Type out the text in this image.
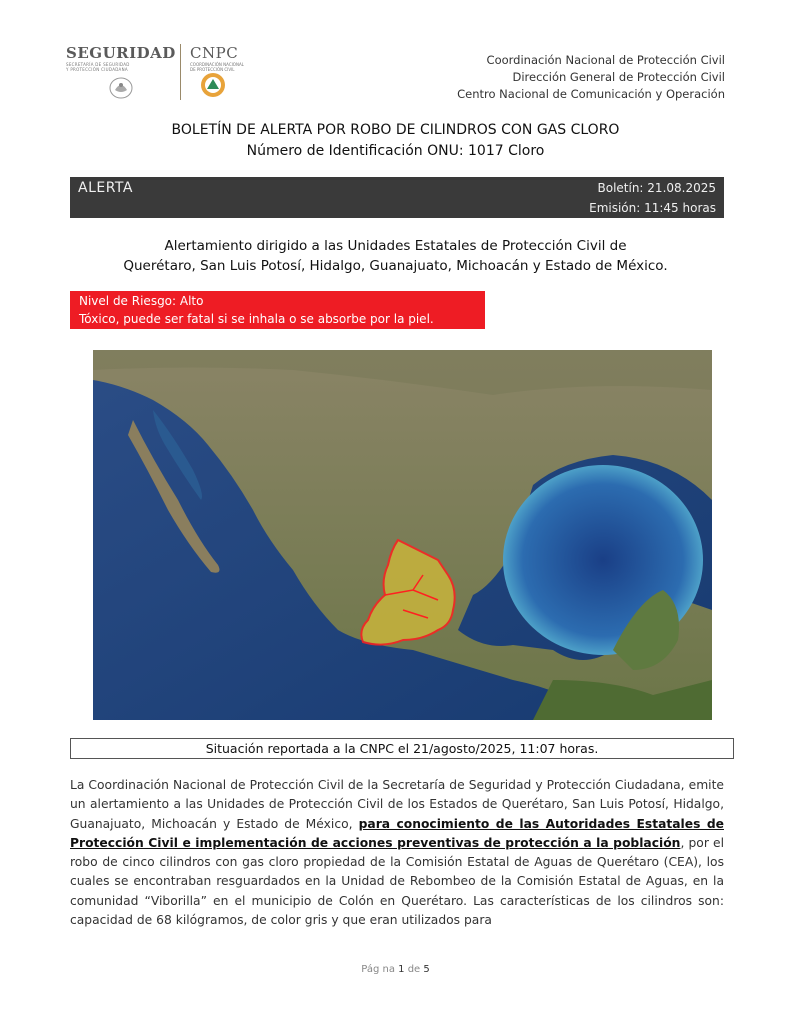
SEGURIDAD
SECRETARÍA DE SEGURIDAD
Y PROTECCIÓN CIUDADANA
CNPC
COORDINACIÓN NACIONAL
DE PROTECCIÓN CIVIL
Coordinación Nacional de Protección Civil
Dirección General de Protección Civil
Centro Nacional de Comunicación y Operación
BOLETÍN DE ALERTA POR ROBO DE CILINDROS CON GAS CLORO
Número de Identificación ONU: 1017 Cloro
ALERTA	Boletín: 21.08.2025
Emisión: 11:45 horas
Alertamiento dirigido a las Unidades Estatales de Protección Civil de
Querétaro, San Luis Potosí, Hidalgo, Guanajuato, Michoacán y Estado de México.
Nivel de Riesgo: Alto
Tóxico, puede ser fatal si se inhala o se absorbe por la piel.
Situación reportada a la CNPC el 21/agosto/2025, 11:07 horas.
La Coordinación Nacional de Protección Civil de la Secretaría de Seguridad y Protección Ciudadana, emite un alertamiento a las Unidades de Protección Civil de los Estados de Querétaro, San Luis Potosí, Hidalgo, Guanajuato, Michoacán y Estado de México, para conocimiento de las Autoridades Estatales de Protección Civil e implementación de acciones preventivas de protección a la población, por el robo de cinco cilindros con gas cloro propiedad de la Comisión Estatal de Aguas de Querétaro (CEA), los cuales se encontraban resguardados en la Unidad de Rebombeo de la Comisión Estatal de Aguas, en la comunidad “Viborilla” en el municipio de Colón en Querétaro. Las características de los cilindros son: capacidad de 68 kilógramos, de color gris y que eran utilizados para
Pág na 1 de 5
